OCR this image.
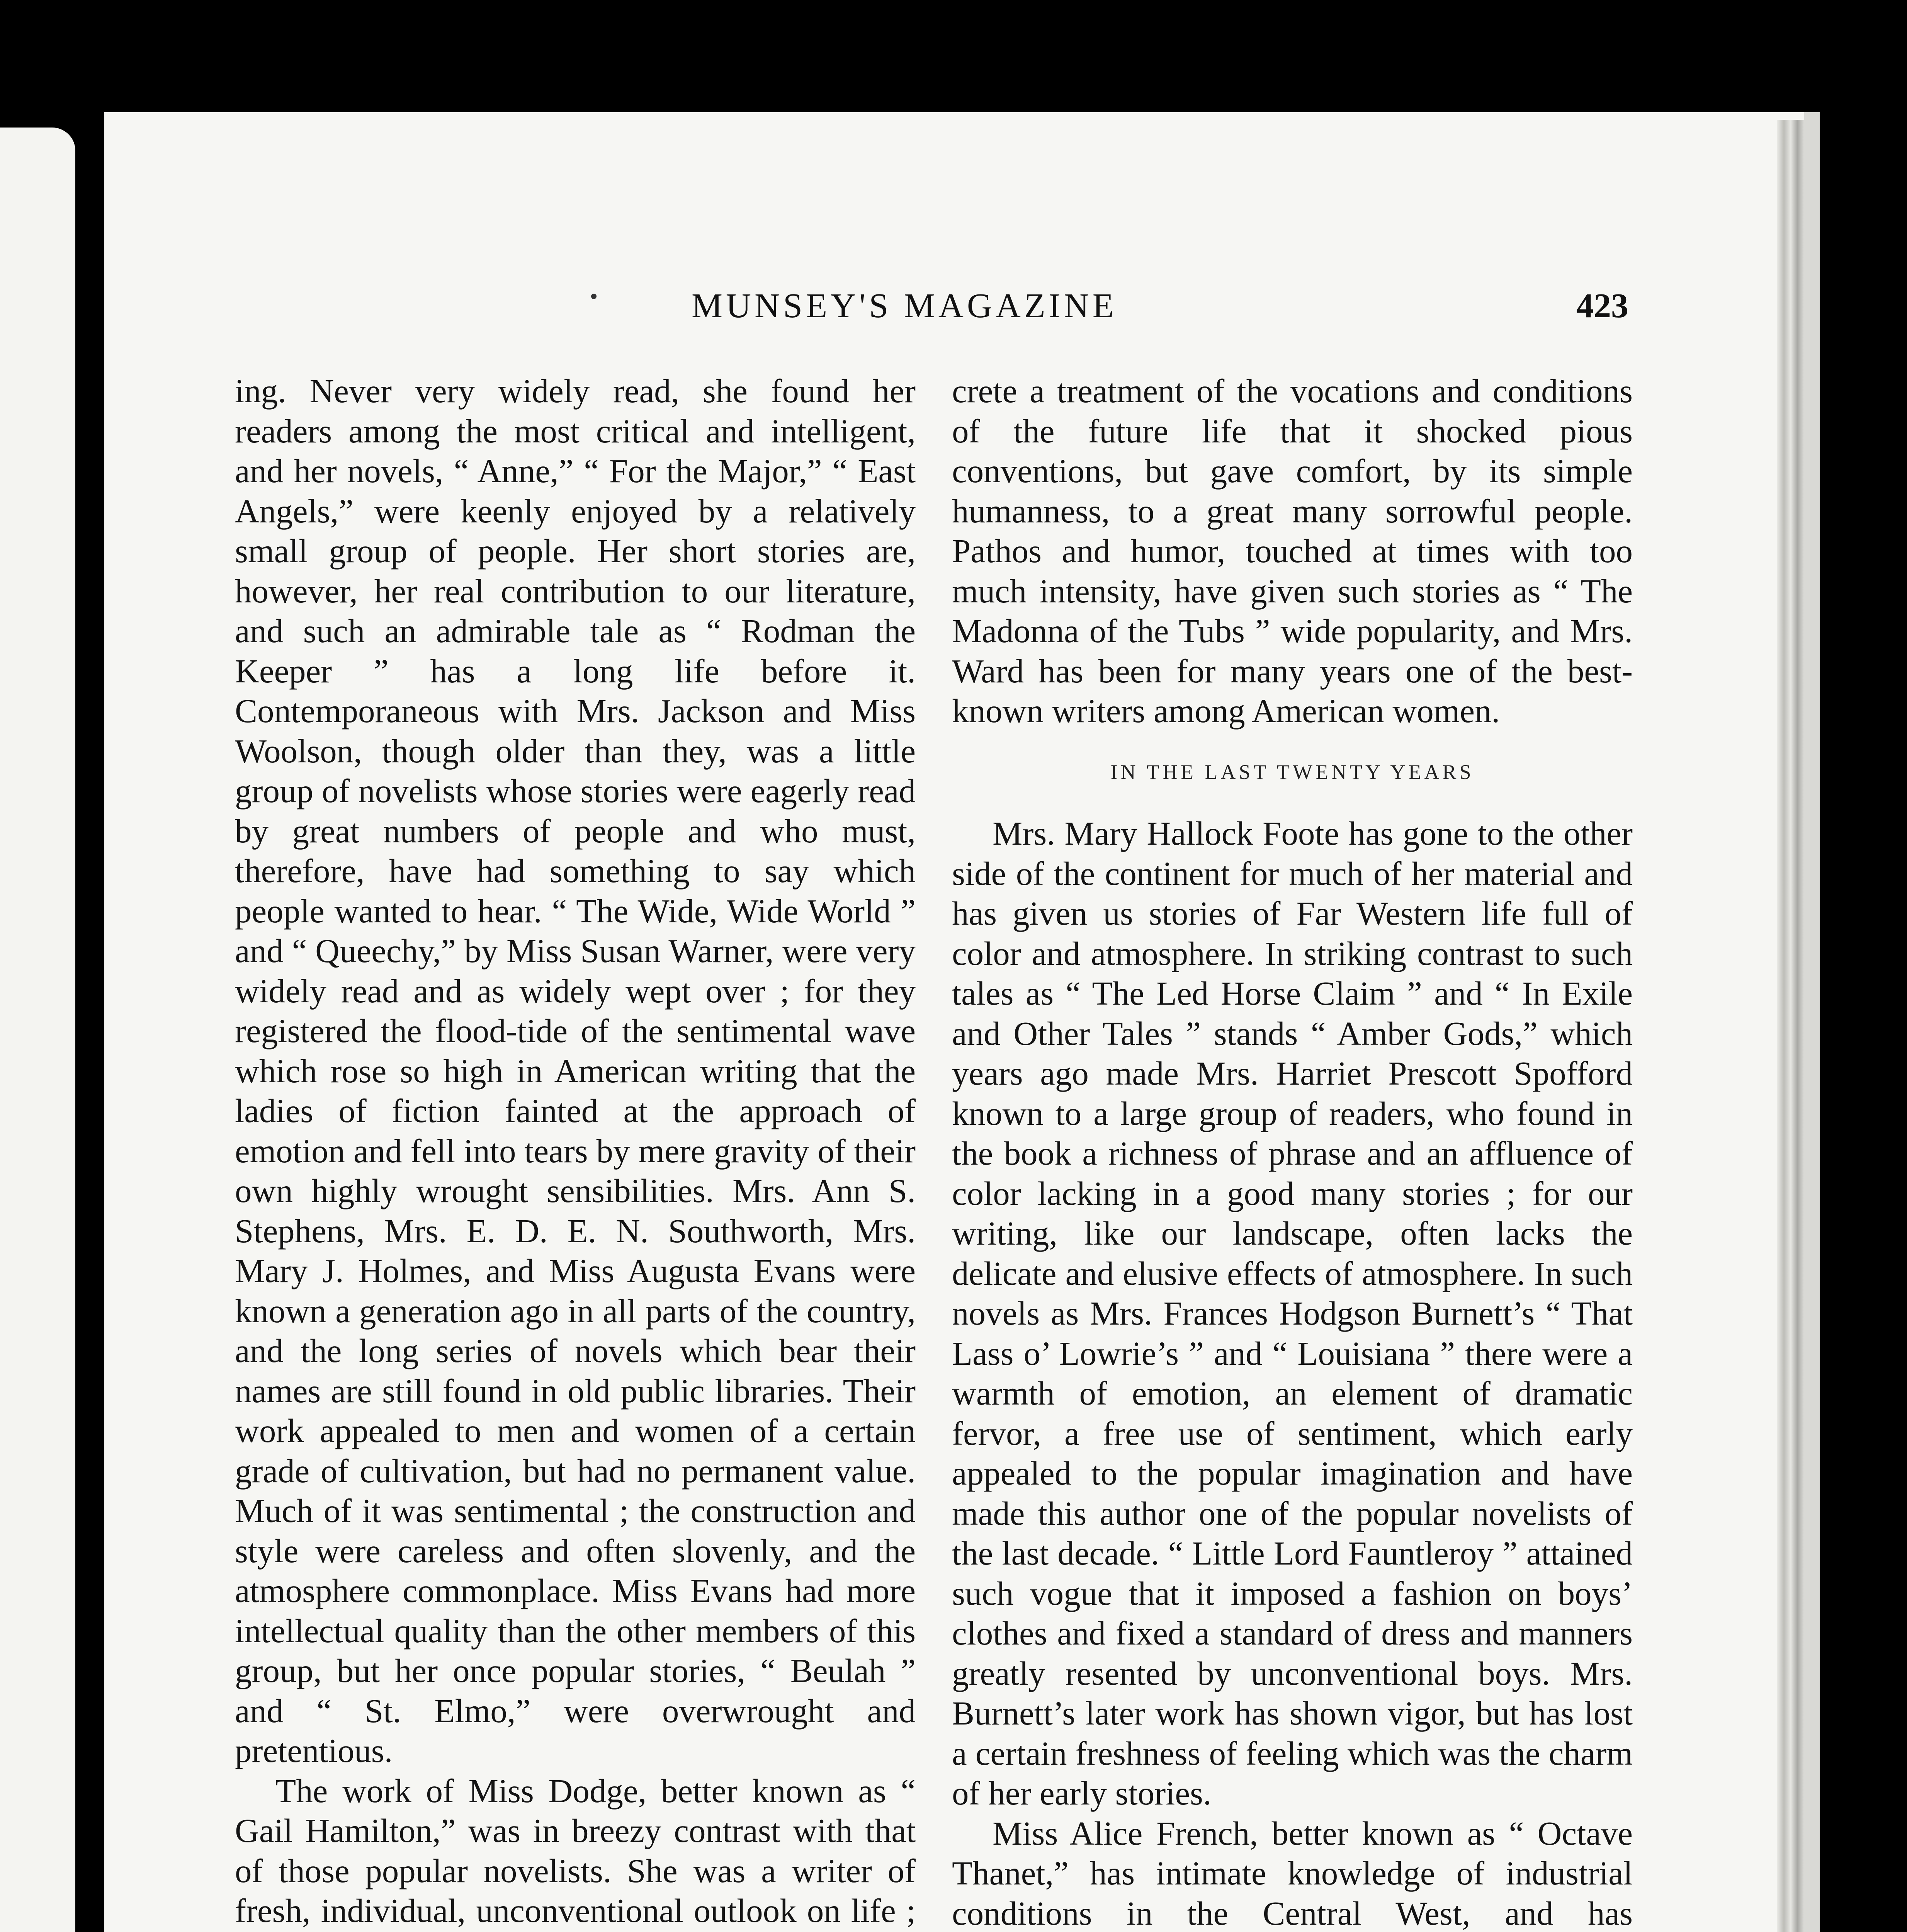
MUNSEY'S MAGAZINE	423

ing. Never very widely read, she found her readers among the most critical and intelligent, and her novels, “ Anne,” “ For the Major,” “ East Angels,” were keenly enjoyed by a relatively small group of people. Her short stories are, however, her real contribution to our literature, and such an admirable tale as “ Rodman the Keeper ” has a long life before it. Contemporaneous with Mrs. Jackson and Miss Woolson, though older than they, was a little group of novelists whose stories were eagerly read by great numbers of people and who must, therefore, have had something to say which people wanted to hear. “ The Wide, Wide World ” and “ Queechy,” by Miss Susan Warner, were very widely read and as widely wept over ; for they registered the flood-tide of the sentimental wave which rose so high in American writing that the ladies of fiction fainted at the approach of emotion and fell into tears by mere gravity of their own highly wrought sensibilities. Mrs. Ann S. Stephens, Mrs. E. D. E. N. Southworth, Mrs. Mary J. Holmes, and Miss Augusta Evans were known a generation ago in all parts of the country, and the long series of novels which bear their names are still found in old public libraries. Their work appealed to men and women of a certain grade of cultivation, but had no permanent value. Much of it was sentimental ; the construction and style were careless and often slovenly, and the atmosphere commonplace. Miss Evans had more intellectual quality than the other members of this group, but her once popular stories, “ Beulah ” and “ St. Elmo,” were overwrought and pretentious.

The work of Miss Dodge, better known as “ Gail Hamilton,” was in breezy contrast with that of those popular novelists. She was a writer of fresh, individual, unconventional outlook on life ;

crete a treatment of the vocations and conditions of the future life that it shocked pious conventions, but gave comfort, by its simple humanness, to a great many sorrowful people. Pathos and humor, touched at times with too much intensity, have given such stories as “ The Madonna of the Tubs ” wide popularity, and Mrs. Ward has been for many years one of the best-known writers among American women.

IN THE LAST TWENTY YEARS

Mrs. Mary Hallock Foote has gone to the other side of the continent for much of her material and has given us stories of Far Western life full of color and atmosphere. In striking contrast to such tales as “ The Led Horse Claim ” and “ In Exile and Other Tales ” stands “ Amber Gods,” which years ago made Mrs. Harriet Prescott Spofford known to a large group of readers, who found in the book a richness of phrase and an affluence of color lacking in a good many stories ; for our writing, like our landscape, often lacks the delicate and elusive effects of atmosphere. In such novels as Mrs. Frances Hodgson Burnett’s “ That Lass o’ Lowrie’s ” and “ Louisiana ” there were a warmth of emotion, an element of dramatic fervor, a free use of sentiment, which early appealed to the popular imagination and have made this author one of the popular novelists of the last decade. “ Little Lord Fauntleroy ” attained such vogue that it imposed a fashion on boys’ clothes and fixed a standard of dress and manners greatly resented by unconventional boys. Mrs. Burnett’s later work has shown vigor, but has lost a certain freshness of feeling which was the charm of her early stories.

Miss Alice French, better known as “ Octave Thanet,” has intimate knowledge of industrial conditions in the Central West, and has
